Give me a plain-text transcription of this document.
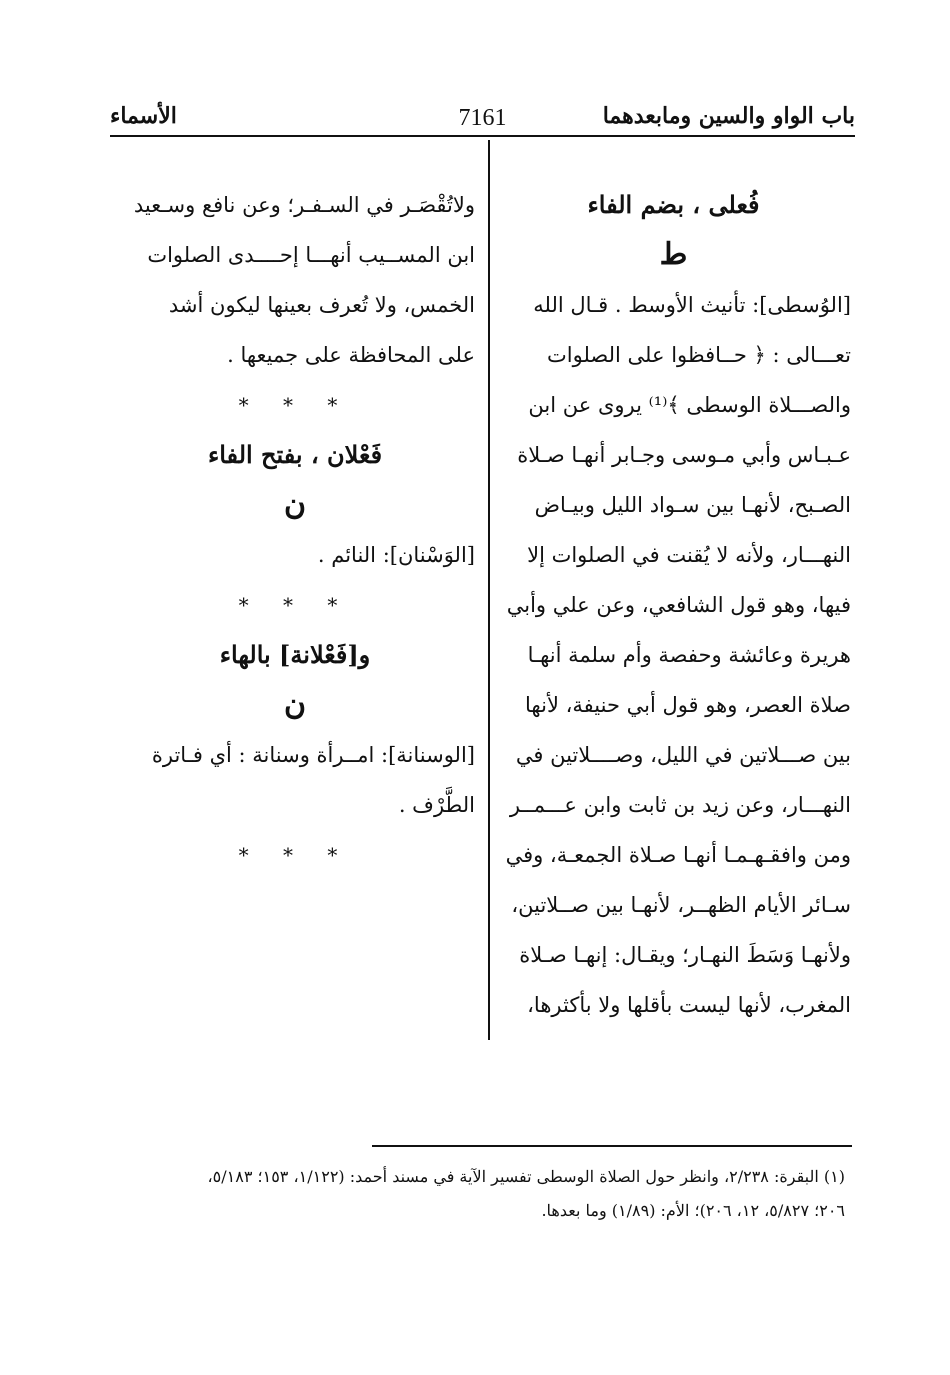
باب الواو والسين ومابعدهما
7161
الأسماء
فُعلى ، بضم الفاء
ط
[الوُسطى]: تأنيث الأوسط . قـال الله
تعـــالى : ﴿ حــافظوا على الصلوات
والصـــلاة الوسطى ﴾⁽¹⁾ يروى عن ابن
عـبـاس وأبي مـوسى وجـابر أنهـا صـلاة
الصـبح، لأنهـا بين سـواد الليل وبيـاض
النهـــار، ولأنه لا يُقنت في الصلوات إلا
فيها، وهو قول الشافعي، وعن علي وأبي
هريرة وعائشة وحفصة وأم سلمة أنهـا
صلاة العصر، وهو قول أبي حنيفة، لأنها
بين صـــلاتين في الليل، وصــــلاتين في
النهـــار، وعن زيد بن ثابت وابن عـــمــر
ومن وافقـهـمـا أنهـا صـلاة الجمعـة، وفي
سـائر الأيام الظهــر، لأنهـا بين صــلاتين،
ولأنهـا وَسَطَ النهـار؛ ويقـال: إنهـا صـلاة
المغرب، لأنها ليست بأقلها ولا بأكثرها،
ولاتُقْصَـر في السـفـر؛ وعن نافع وسـعيد
ابن المســيب أنهـــا إحــــدى الصلوات
الخمس، ولا تُعرف بعينها ليكون أشد
على المحافظة على جميعها .
* * *
فَعْلان ، بفتح الفاء
ن
[الوَسْنان]: النائم .
* * *
و[فَعْلانة] بالهاء
ن
[الوسنانة]: امــرأة وسنانة : أي فـاترة
الطَّرْف .
* * *
(١) البقرة: ٢/٢٣٨، وانظر حول الصلاة الوسطى تفسير الآية في مسند أحمد: (١/١٢٢، ١٥٣؛ ٥/١٨٣،
٢٠٦؛ ٥/٨٢٧، ١٢، ٢٠٦)؛ الأم: (١/٨٩) وما بعدها.
